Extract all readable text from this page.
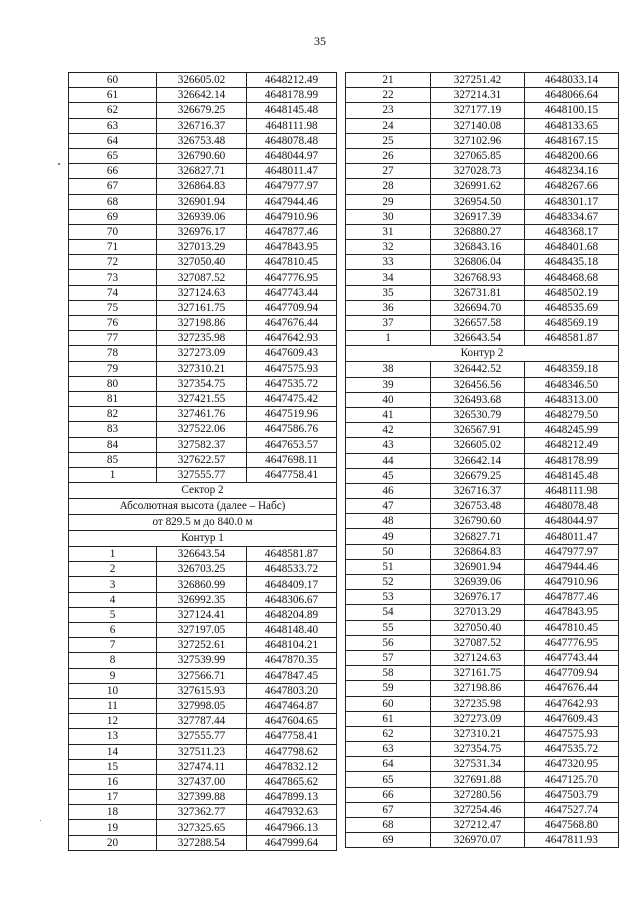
35
60	326605.02	4648212.49
61	326642.14	4648178.99
62	326679.25	4648145.48
63	326716.37	4648111.98
64	326753.48	4648078.48
65	326790.60	4648044.97
66	326827.71	4648011.47
67	326864.83	4647977.97
68	326901.94	4647944.46
69	326939.06	4647910.96
70	326976.17	4647877.46
71	327013.29	4647843.95
72	327050.40	4647810.45
73	327087.52	4647776.95
74	327124.63	4647743.44
75	327161.75	4647709.94
76	327198.86	4647676.44
77	327235.98	4647642.93
78	327273.09	4647609.43
79	327310.21	4647575.93
80	327354.75	4647535.72
81	327421.55	4647475.42
82	327461.76	4647519.96
83	327522.06	4647586.76
84	327582.37	4647653.57
85	327622.57	4647698.11
1	327555.77	4647758.41
Сектор 2		
Абсолютная высота (далее – Набс)		
от 829.5 м до 840.0 м		
Контур 1		
1	326643.54	4648581.87
2	326703.25	4648533.72
3	326860.99	4648409.17
4	326992.35	4648306.67
5	327124.41	4648204.89
6	327197.05	4648148.40
7	327252.61	4648104.21
8	327539.99	4647870.35
9	327566.71	4647847.45
10	327615.93	4647803.20
11	327998.05	4647464.87
12	327787.44	4647604.65
13	327555.77	4647758.41
14	327511.23	4647798.62
15	327474.11	4647832.12
16	327437.00	4647865.62
17	327399.88	4647899.13
18	327362.77	4647932.63
19	327325.65	4647966.13
20	327288.54	4647999.64
21	327251.42	4648033.14
22	327214.31	4648066.64
23	327177.19	4648100.15
24	327140.08	4648133.65
25	327102.96	4648167.15
26	327065.85	4648200.66
27	327028.73	4648234.16
28	326991.62	4648267.66
29	326954.50	4648301.17
30	326917.39	4648334.67
31	326880.27	4648368.17
32	326843.16	4648401.68
33	326806.04	4648435.18
34	326768.93	4648468.68
35	326731.81	4648502.19
36	326694.70	4648535.69
37	326657.58	4648569.19
1	326643.54	4648581.87
Контур 2		
38	326442.52	4648359.18
39	326456.56	4648346.50
40	326493.68	4648313.00
41	326530.79	4648279.50
42	326567.91	4648245.99
43	326605.02	4648212.49
44	326642.14	4648178.99
45	326679.25	4648145.48
46	326716.37	4648111.98
47	326753.48	4648078.48
48	326790.60	4648044.97
49	326827.71	4648011.47
50	326864.83	4647977.97
51	326901.94	4647944.46
52	326939.06	4647910.96
53	326976.17	4647877.46
54	327013.29	4647843.95
55	327050.40	4647810.45
56	327087.52	4647776.95
57	327124.63	4647743.44
58	327161.75	4647709.94
59	327198.86	4647676.44
60	327235.98	4647642.93
61	327273.09	4647609.43
62	327310.21	4647575.93
63	327354.75	4647535.72
64	327531.34	4647320.95
65	327691.88	4647125.70
66	327280.56	4647503.79
67	327254.46	4647527.74
68	327212.47	4647568.80
69	326970.07	4647811.93
